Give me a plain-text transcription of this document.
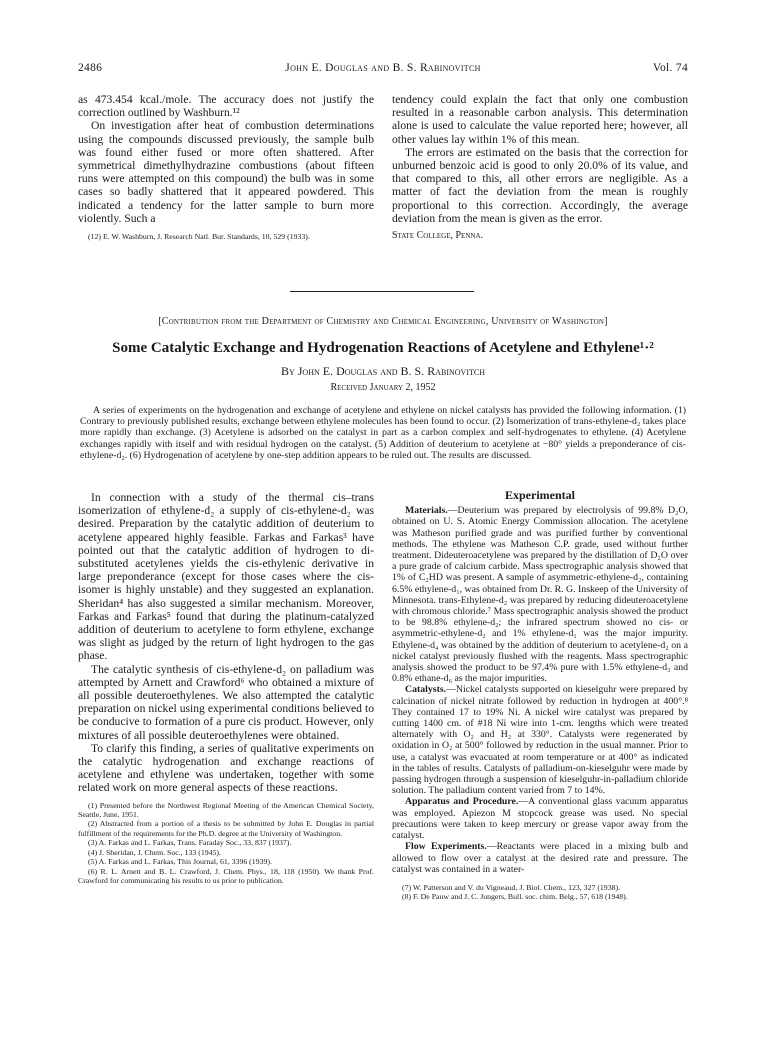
2486	John E. Douglas and B. S. Rabinovitch	Vol. 74

as 473.454 kcal./mole. The accuracy does not justify the correction outlined by Washburn.¹²

On investigation after heat of combustion determinations using the compounds discussed previously, the sample bulb was found either fused or more often shattered. After symmetrical dimethylhydrazine combustions (about fifteen runs were attempted on this compound) the bulb was in some cases so badly shattered that it appeared powdered. This indicated a tendency for the latter sample to burn more violently. Such a

(12) E. W. Washburn, J. Research Natl. Bur. Standards, 10, 529 (1933).

tendency could explain the fact that only one combustion resulted in a reasonable carbon analysis. This determination alone is used to calculate the value reported here; however, all other values lay within 1% of this mean.

The errors are estimated on the basis that the correction for unburned benzoic acid is good to only 20.0% of its value, and that compared to this, all other errors are negligible. As a matter of fact the deviation from the mean is roughly proportional to this correction. Accordingly, the average deviation from the mean is given as the error.

State College, Penna.

[Contribution from the Department of Chemistry and Chemical Engineering, University of Washington]
Some Catalytic Exchange and Hydrogenation Reactions of Acetylene and Ethylene¹·²
By John E. Douglas and B. S. Rabinovitch
Received January 2, 1952

A series of experiments on the hydrogenation and exchange of acetylene and ethylene on nickel catalysts has provided the following information. (1) Contrary to previously published results, exchange between ethylene molecules has been found to occur. (2) Isomerization of trans-ethylene-d₂ takes place more rapidly than exchange. (3) Acetylene is adsorbed on the catalyst in part as a carbon complex and self-hydrogenates to ethylene. (4) Acetylene exchanges rapidly with itself and with residual hydrogen on the catalyst. (5) Addition of deuterium to acetylene at −80° yields a preponderance of cis-ethylene-d₂. (6) Hydrogenation of acetylene by one-step addition appears to be ruled out. The results are discussed.

In connection with a study of the thermal cis–trans isomerization of ethylene-d₂ a supply of cis-ethylene-d₂ was desired. Preparation by the catalytic addition of deuterium to acetylene appeared highly feasible. Farkas and Farkas³ have pointed out that the catalytic addition of hydrogen to di-substituted acetylenes yields the cis-ethylenic derivative in large preponderance (except for those cases where the cis-isomer is highly unstable) and they suggested an explanation. Sheridan⁴ has also suggested a similar mechanism. Moreover, Farkas and Farkas⁵ found that during the platinum-catalyzed addition of deuterium to acetylene to form ethylene, exchange was slight as judged by the return of light hydrogen to the gas phase.

The catalytic synthesis of cis-ethylene-d₂ on palladium was attempted by Arnett and Crawford⁶ who obtained a mixture of all possible deuteroethylenes. We also attempted the catalytic preparation on nickel using experimental conditions believed to be conducive to formation of a pure cis product. However, only mixtures of all possible deuteroethylenes were obtained.

To clarify this finding, a series of qualitative experiments on the catalytic hydrogenation and exchange reactions of acetylene and ethylene was undertaken, together with some related work on more general aspects of these reactions.

(1) Presented before the Northwest Regional Meeting of the American Chemical Society, Seattle, June, 1951.

(2) Abstracted from a portion of a thesis to be submitted by John E. Douglas in partial fulfillment of the requirements for the Ph.D. degree at the University of Washington.

(3) A. Farkas and L. Farkas, Trans. Faraday Soc., 33, 837 (1937).

(4) J. Sheridan, J. Chem. Soc., 133 (1945).

(5) A. Farkas and L. Farkas, This Journal, 61, 3396 (1939).

(6) R. L. Arnett and B. L. Crawford, J. Chem. Phys., 18, 118 (1950). We thank Prof. Crawford for communicating his results to us prior to publication.

Experimental

Materials.—Deuterium was prepared by electrolysis of 99.8% D₂O, obtained on U. S. Atomic Energy Commission allocation. The acetylene was Matheson purified grade and was purified further by conventional methods. The ethylene was Matheson C.P. grade, used without further treatment. Dideuteroacetylene was prepared by the distillation of D₂O over a pure grade of calcium carbide. Mass spectrographic analysis showed that 1% of C₂HD was present. A sample of asymmetric-ethylene-d₂, containing 6.5% ethylene-d₁, was obtained from Dr. R. G. Inskeep of the University of Minnesota. trans-Ethylene-d₂ was prepared by reducing dideuteroacetylene with chromous chloride.⁷ Mass spectrographic analysis showed the product to be 98.8% ethylene-d₂; the infrared spectrum showed no cis- or asymmetric-ethylene-d₂ and 1% ethylene-d₁ was the major impurity. Ethylene-d₄ was obtained by the addition of deuterium to acetylene-d₂ on a nickel catalyst previously flushed with the reagents. Mass spectrographic analysis showed the product to be 97.4% pure with 1.5% ethylene-d₃ and 0.8% ethane-d₆ as the major impurities.

Catalysts.—Nickel catalysts supported on kieselguhr were prepared by calcination of nickel nitrate followed by reduction in hydrogen at 400°.⁸ They contained 17 to 19% Ni. A nickel wire catalyst was prepared by cutting 1400 cm. of #18 Ni wire into 1-cm. lengths which were treated alternately with O₂ and H₂ at 330°. Catalysts were regenerated by oxidation in O₂ at 500° followed by reduction in the usual manner. Prior to use, a catalyst was evacuated at room temperature or at 400° as indicated in the tables of results. Catalysts of palladium-on-kieselguhr were made by passing hydrogen through a suspension of kieselguhr-in-palladium chloride solution. The palladium content varied from 7 to 14%.

Apparatus and Procedure.—A conventional glass vacuum apparatus was employed. Apiezon M stopcock grease was used. No special precautions were taken to keep mercury or grease vapor away from the catalyst.

Flow Experiments.—Reactants were placed in a mixing bulb and allowed to flow over a catalyst at the desired rate and pressure. The catalyst was contained in a water-

(7) W. Patterson and V. du Vigneaud, J. Biol. Chem., 123, 327 (1938).

(8) F. De Pauw and J. C. Jungers, Bull. soc. chim. Belg., 57, 618 (1948).
